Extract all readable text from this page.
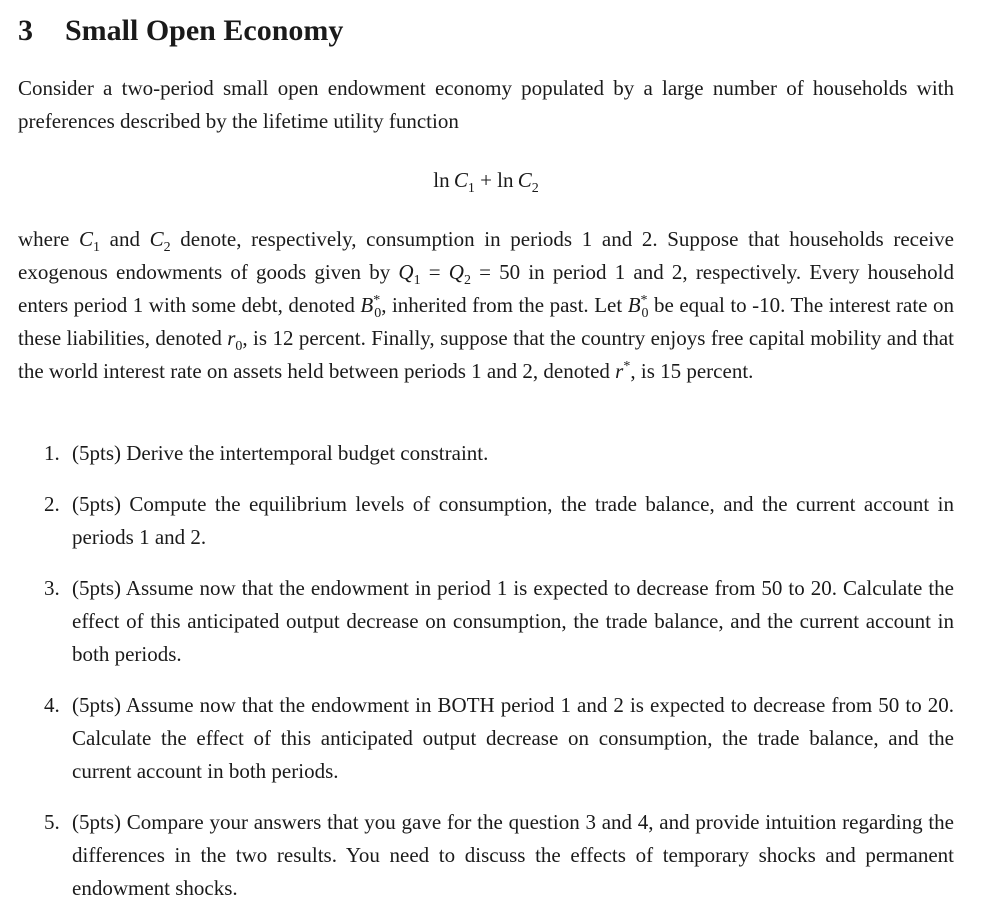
3 Small Open Economy
Consider a two-period small open endowment economy populated by a large number of households with preferences described by the lifetime utility function
$\ln C_1 + \ln C_2$
where $C_1$ and $C_2$ denote, respectively, consumption in periods 1 and 2. Suppose that households receive exogenous endowments of goods given by $Q_1 = Q_2 = 50$ in period 1 and 2, respectively. Every household enters period 1 with some debt, denoted $B^*_0$, inherited from the past. Let $B^*_0$ be equal to -10. The interest rate on these liabilities, denoted $r_0$, is 12 percent. Finally, suppose that the country enjoys free capital mobility and that the world interest rate on assets held between periods 1 and 2, denoted r*, is 15 percent.
1. (5pts) Derive the intertemporal budget constraint.
2. (5pts) Compute the equilibrium levels of consumption, the trade balance, and the current account in periods 1 and 2.
3. (5pts) Assume now that the endowment in period 1 is expected to decrease from 50 to 20. Calculate the effect of this anticipated output decrease on consumption, the trade balance, and the current account in both periods.
4. (5pts) Assume now that the endowment in BOTH period 1 and 2 is expected to decrease from 50 to 20. Calculate the effect of this anticipated output decrease on consumption, the trade balance, and the current account in both periods.
5. (5pts) Compare your answers that you gave for the question 3 and 4, and provide intuition regarding the differences in the two results. You need to discuss the effects of temporary shocks and permanent endowment shocks.
